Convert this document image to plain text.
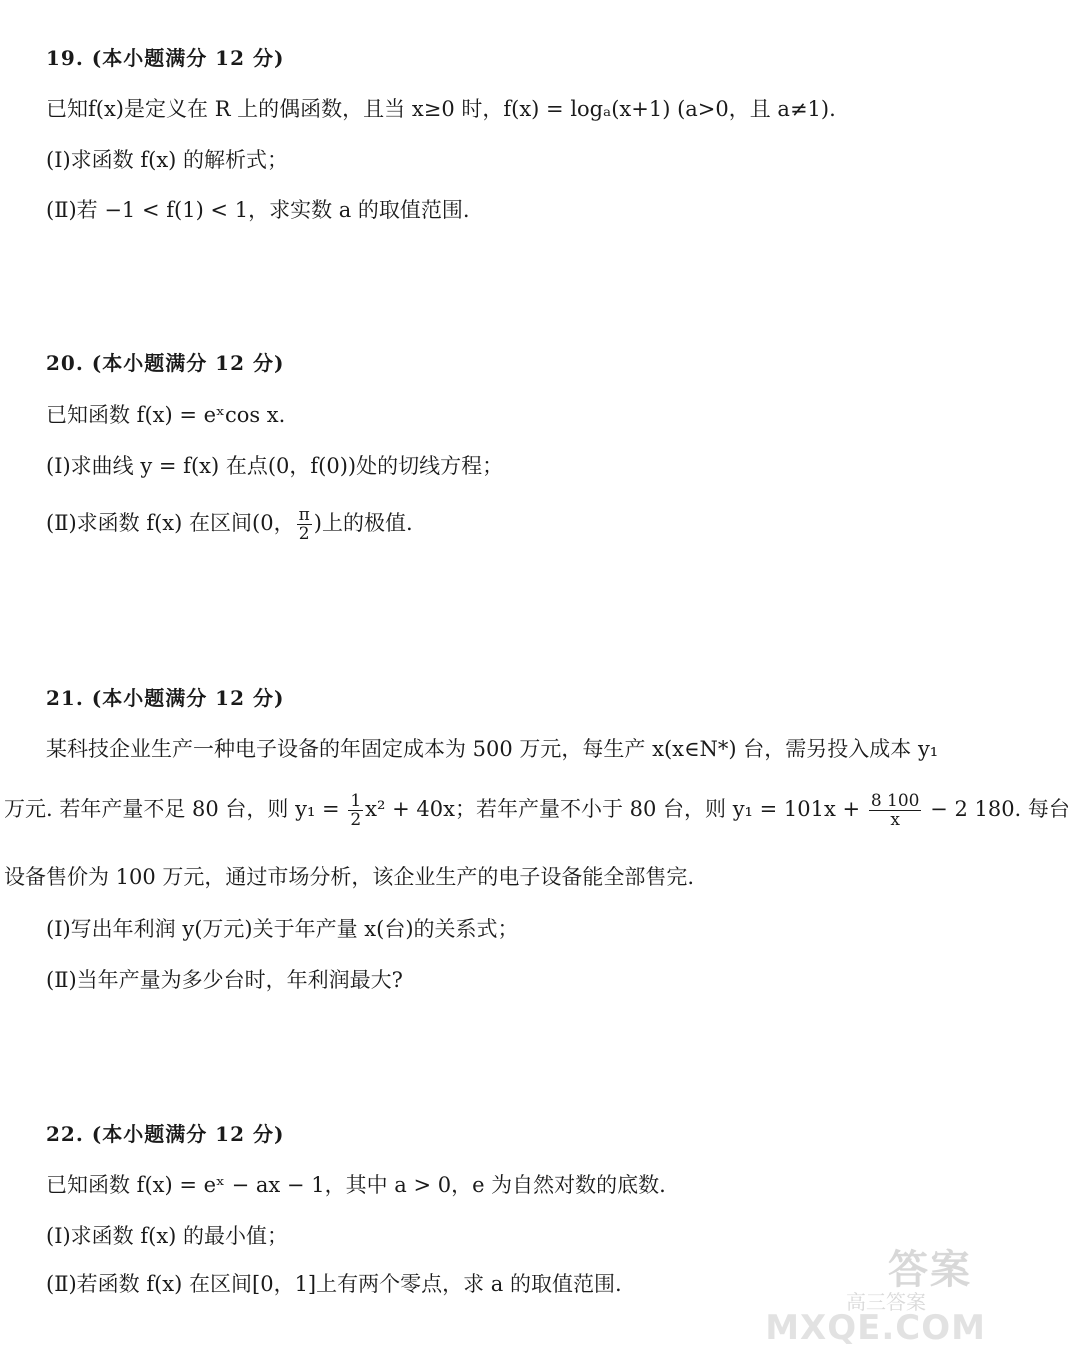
19. (本小题满分 12 分)
已知f(x)是定义在 R 上的偶函数，且当 x≥0 时，f(x) = logₐ(x+1) (a>0，且 a≠1).
(Ⅰ)求函数 f(x) 的解析式；
(Ⅱ)若 −1 < f(1) < 1，求实数 a 的取值范围.
20. (本小题满分 12 分)
已知函数 f(x) = eˣcos x.
(Ⅰ)求曲线 y = f(x) 在点(0，f(0))处的切线方程；
(Ⅱ)求函数 f(x) 在区间(0， $\frac{\pi}{2}$ )上的极值.
21. (本小题满分 12 分)
某科技企业生产一种电子设备的年固定成本为 500 万元，每生产 x(x∈N*) 台，需另投入成本 y₁
万元. 若年产量不足 80 台，则 $y_1 = \frac{1}{2} x^2 + 40x$；若年产量不小于 80 台，则 $y_1 = 101x + \frac{8 100}{x} - 2$ 180. 每台
设备售价为 100 万元，通过市场分析，该企业生产的电子设备能全部售完.
(Ⅰ)写出年利润 y(万元)关于年产量 x(台)的关系式；
(Ⅱ)当年产量为多少台时，年利润最大?
22. (本小题满分 12 分)
已知函数 f(x) = eˣ − ax − 1，其中 a > 0，e 为自然对数的底数.
(Ⅰ)求函数 f(x) 的最小值；
(Ⅱ)若函数 f(x) 在区间[0，1]上有两个零点，求 a 的取值范围.	答案
高三答案
MXQE.COM
